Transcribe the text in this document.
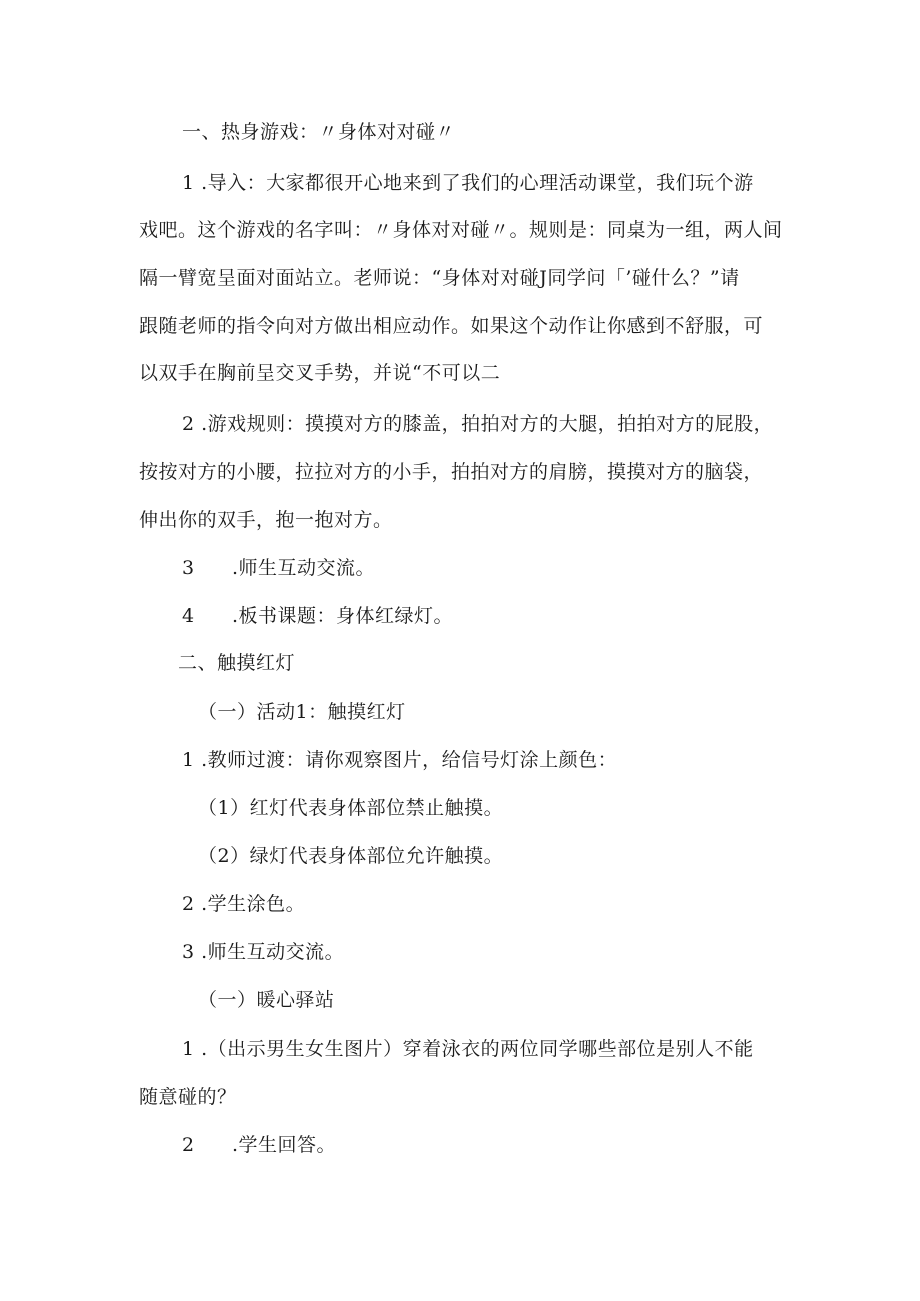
一、热身游戏：〃身体对对碰〃
1 .导入：大家都很开心地来到了我们的心理活动课堂，我们玩个游
戏吧。这个游戏的名字叫：〃身体对对碰〃。规则是：同桌为一组，两人间
隔一臂宽呈面对面站立。老师说：“身体对对碰J同学问「’碰什么？”请
跟随老师的指令向对方做出相应动作。如果这个动作让你感到不舒服，可
以双手在胸前呈交叉手势，并说“不可以二
2 .游戏规则：摸摸对方的膝盖，拍拍对方的大腿，拍拍对方的屁股，
按按对方的小腰，拉拉对方的小手，拍拍对方的肩膀，摸摸对方的脑袋，
伸出你的双手，抱一抱对方。
3 .师生互动交流。
4 .板书课题：身体红绿灯。
二、触摸红灯
（一）活动1：触摸红灯
1 .教师过渡：请你观察图片，给信号灯涂上颜色：
（1）红灯代表身体部位禁止触摸。
（2）绿灯代表身体部位允许触摸。
2 .学生涂色。
3 .师生互动交流。
（一）暖心驿站
1 .（出示男生女生图片）穿着泳衣的两位同学哪些部位是别人不能
随意碰的？
2 .学生回答。
